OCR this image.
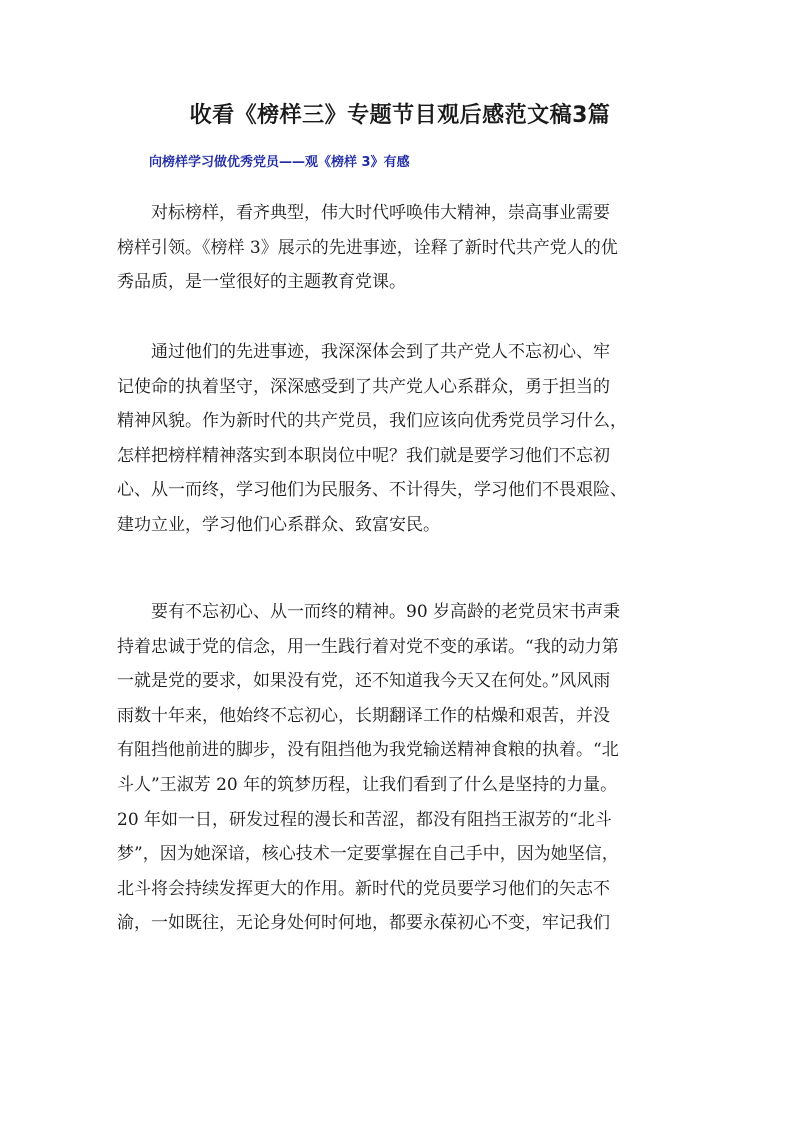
收看《榜样三》专题节目观后感范文稿3篇

向榜样学习做优秀党员——观《榜样 3》有感

　　对标榜样，看齐典型，伟大时代呼唤伟大精神，崇高事业需要
榜样引领。《榜样 3》展示的先进事迹，诠释了新时代共产党人的优
秀品质，是一堂很好的主题教育党课。

　　通过他们的先进事迹，我深深体会到了共产党人不忘初心、牢
记使命的执着坚守，深深感受到了共产党人心系群众，勇于担当的
精神风貌。作为新时代的共产党员，我们应该向优秀党员学习什么，
怎样把榜样精神落实到本职岗位中呢？我们就是要学习他们不忘初
心、从一而终，学习他们为民服务、不计得失，学习他们不畏艰险、
建功立业，学习他们心系群众、致富安民。

　　要有不忘初心、从一而终的精神。90 岁高龄的老党员宋书声秉
持着忠诚于党的信念，用一生践行着对党不变的承诺。“我的动力第
一就是党的要求，如果没有党，还不知道我今天又在何处。”风风雨
雨数十年来，他始终不忘初心，长期翻译工作的枯燥和艰苦，并没
有阻挡他前进的脚步，没有阻挡他为我党输送精神食粮的执着。“北
斗人”王淑芳 20 年的筑梦历程，让我们看到了什么是坚持的力量。
20 年如一日，研发过程的漫长和苦涩，都没有阻挡王淑芳的“北斗
梦”，因为她深谙，核心技术一定要掌握在自己手中，因为她坚信，
北斗将会持续发挥更大的作用。新时代的党员要学习他们的矢志不
渝，一如既往，无论身处何时何地，都要永葆初心不变，牢记我们
